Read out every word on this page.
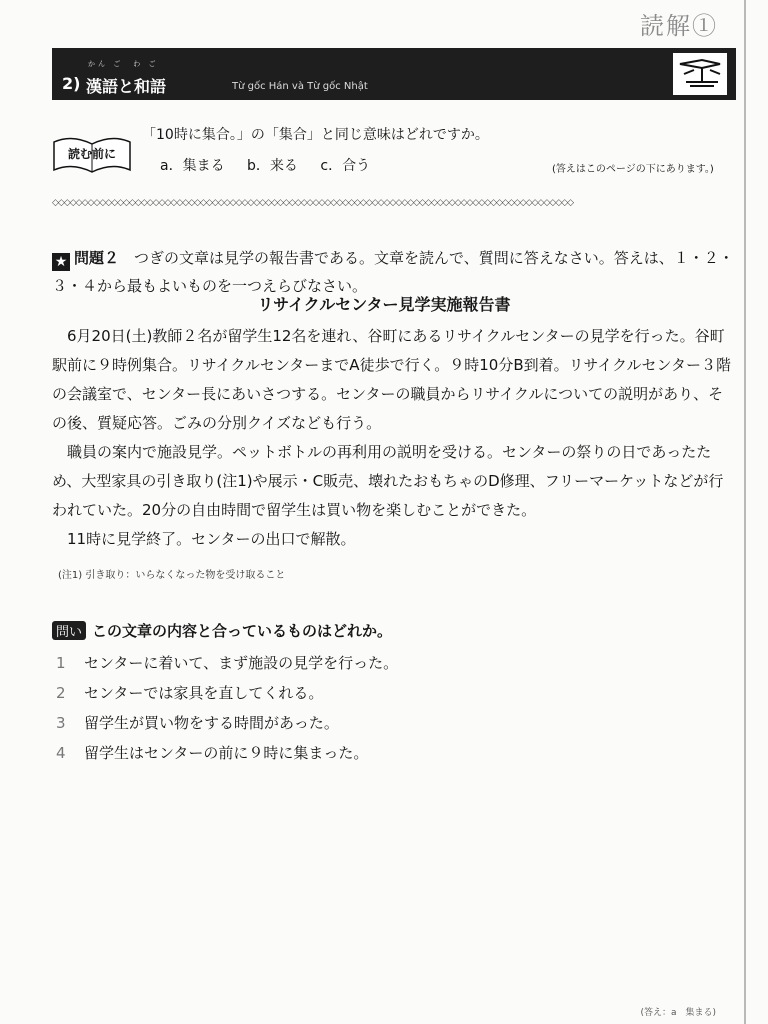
読解①
かん ご　わ ご
2) 漢語と和語	Từ gốc Hán và Từ gốc Nhật
読む前に
「10時に集合。」の「集合」と同じ意味はどれですか。
a．集まる b．来る c．合う	(答えはこのページの下にあります。)
◇◇◇◇◇◇◇◇◇◇◇◇◇◇◇◇◇◇◇◇◇◇◇◇◇◇◇◇◇◇◇◇◇◇◇◇◇◇◇◇◇◇◇◇◇◇◇◇◇◇◇◇◇◇◇◇◇◇◇◇◇◇◇◇◇◇◇◇◇◇◇◇◇◇◇◇◇◇◇◇◇◇◇◇◇◇◇◇
★ 問題２　 つぎの文章は見学の報告書である。文章を読んで、質問に答えなさい。答えは、１・２・３・４から最もよいものを一つえらびなさい。
リサイクルセンター見学実施報告書

6月20日(土)教師２名が留学生12名を連れ、谷町にあるリサイクルセンターの見学を行った。谷町駅前に９時例集合。リサイクルセンターまでA徒歩で行く。９時10分B到着。リサイクルセンター３階の会議室で、センター長にあいさつする。センターの職員からリサイクルについての説明があり、その後、質疑応答。ごみの分別クイズなども行う。

職員の案内で施設見学。ペットボトルの再利用の説明を受ける。センターの祭りの日であったため、大型家具の引き取り(注1)や展示・C販売、壊れたおもちゃのD修理、フリーマーケットなどが行われていた。20分の自由時間で留学生は買い物を楽しむことができた。

11時に見学終了。センターの出口で解散。

(注1) 引き取り：いらなくなった物を受け取ること
問い この文章の内容と合っているものはどれか。
1 センターに着いて、まず施設の見学を行った。
2 センターでは家具を直してくれる。
3 留学生が買い物をする時間があった。
4 留学生はセンターの前に９時に集まった。
(答え：a　集まる)
